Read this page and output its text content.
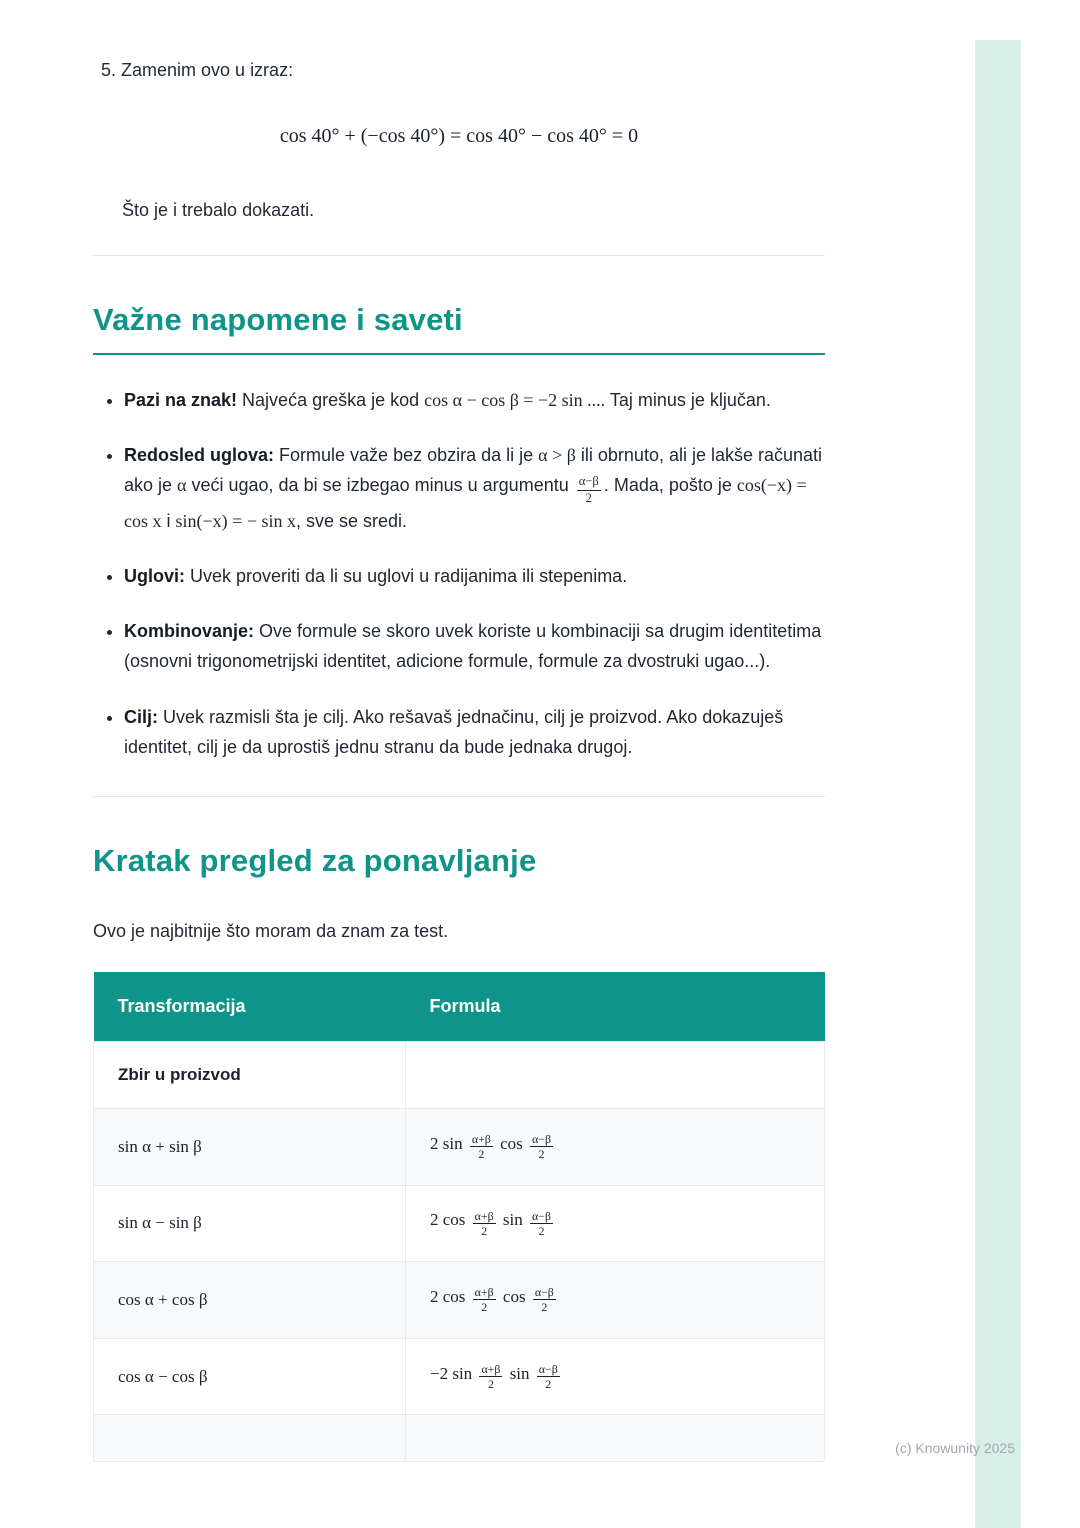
(c) Knowunity 2025

5. Zamenim ovo u izraz:

cos 40° + (−cos 40°) = cos 40° − cos 40° = 0

Što je i trebalo dokazati.

Važne napomene i saveti
• Pazi na znak! Najveća greška je kod cos α − cos β = −2 sin .... Taj minus je ključan.
• Redosled uglova: Formule važe bez obzira da li je α > β ili obrnuto, ali je lakše računati ako je α veći ugao, da bi se izbegao minus u argumentu $\frac{\alpha-\beta}{2}$ . Mada, pošto je cos(−x) = cos x i sin(−x) = − sin x, sve se sredi.
• Uglovi: Uvek proveriti da li su uglovi u radijanima ili stepenima.
• Kombinovanje: Ove formule se skoro uvek koriste u kombinaciji sa drugim identitetima (osnovni trigonometrijski identitet, adicione formule, formule za dvostruki ugao...).
• Cilj: Uvek razmisli šta je cilj. Ako rešavaš jednačinu, cilj je proizvod. Ako dokazuješ identitet, cilj je da uprostiš jednu stranu da bude jednaka drugoj.
Kratak pregled za ponavljanje

Ovo je najbitnije što moram da znam za test.

Transformacija	Formula
Zbir u proizvod	
sin α + sin β	2 $\sin \frac{\alpha+\beta}{2}$ $\cos \frac{\alpha-\beta}{2}$

sin α − sin β	2 $\cos \frac{\alpha+\beta}{2}$ $\sin \frac{\alpha-\beta}{2}$

cos α + cos β	2 $\cos \frac{\alpha+\beta}{2}$ $\cos \frac{\alpha-\beta}{2}$

cos α − cos β	−2 $\sin \frac{\alpha+\beta}{2}$ $\sin \frac{\alpha-\beta}{2}$
